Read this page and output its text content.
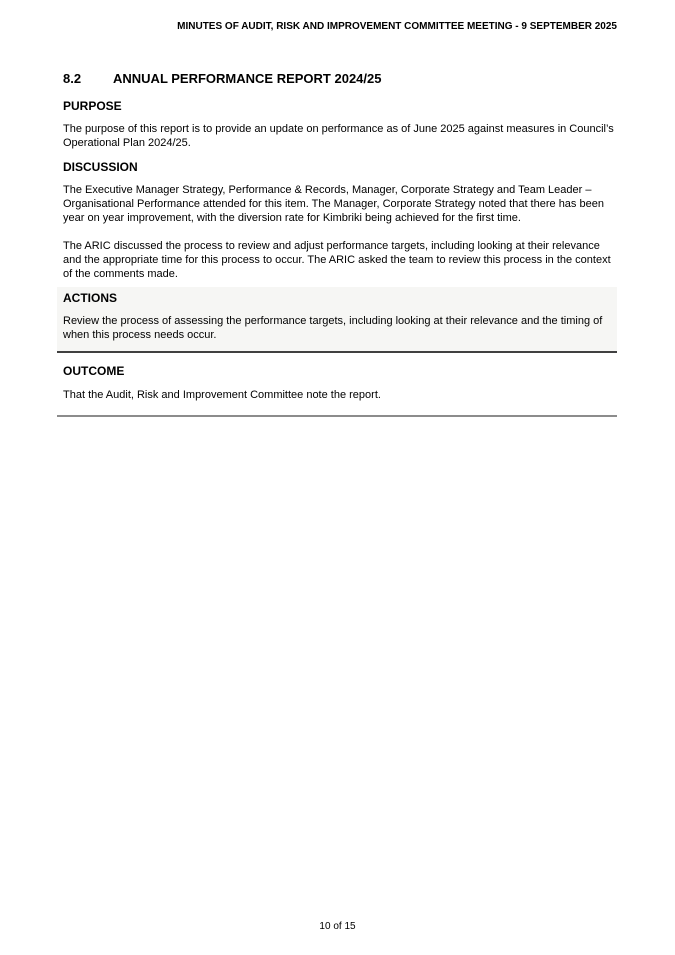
MINUTES OF AUDIT, RISK AND IMPROVEMENT COMMITTEE MEETING - 9 SEPTEMBER 2025
8.2	ANNUAL PERFORMANCE REPORT 2024/25
PURPOSE

The purpose of this report is to provide an update on performance as of June 2025 against measures in Council’s Operational Plan 2024/25.

DISCUSSION

The Executive Manager Strategy, Performance & Records, Manager, Corporate Strategy and Team Leader – Organisational Performance attended for this item. The Manager, Corporate Strategy noted that there has been year on year improvement, with the diversion rate for Kimbriki being achieved for the first time.

The ARIC discussed the process to review and adjust performance targets, including looking at their relevance and the appropriate time for this process to occur. The ARIC asked the team to review this process in the context of the comments made.

ACTIONS

Review the process of assessing the performance targets, including looking at their relevance and the timing of when this process needs occur.

OUTCOME

That the Audit, Risk and Improvement Committee note the report.

10 of 15
